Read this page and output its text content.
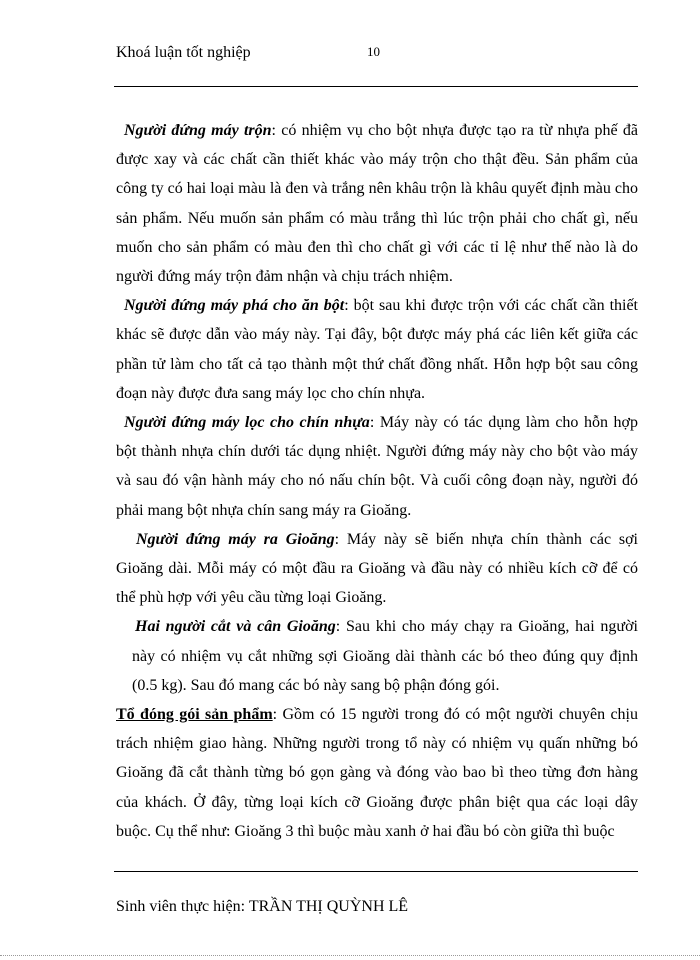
Khoá luận tốt nghiệp	10

Người đứng máy trộn: có nhiệm vụ cho bột nhựa được tạo ra từ nhựa phế đã được xay và các chất cần thiết khác vào máy trộn cho thật đều. Sản phẩm của công ty có hai loại màu là đen và trắng nên khâu trộn là khâu quyết định màu cho sản phẩm. Nếu muốn sản phẩm có màu trắng thì lúc trộn phải cho chất gì, nếu muốn cho sản phẩm có màu đen thì cho chất gì với các tỉ lệ như thế nào là do người đứng máy trộn đảm nhận và chịu trách nhiệm.

Người đứng máy phá cho ăn bột: bột sau khi được trộn với các chất cần thiết khác sẽ được dẫn vào máy này. Tại đây, bột được máy phá các liên kết giữa các phần tử làm cho tất cả tạo thành một thứ chất đồng nhất. Hỗn hợp bột sau công đoạn này được đưa sang máy lọc cho chín nhựa.

Người đứng máy lọc cho chín nhựa: Máy này có tác dụng làm cho hỗn hợp bột thành nhựa chín dưới tác dụng nhiệt. Người đứng máy này cho bột vào máy và sau đó vận hành máy cho nó nấu chín bột. Và cuối công đoạn này, người đó phải mang bột nhựa chín sang máy ra Gioăng.

Người đứng máy ra Gioăng: Máy này sẽ biến nhựa chín thành các sợi Gioăng dài. Mỗi máy có một đầu ra Gioăng và đầu này có nhiều kích cỡ để có thể phù hợp với yêu cầu từng loại Gioăng.

Hai người cắt và cân Gioăng: Sau khi cho máy chạy ra Gioăng, hai người này có nhiệm vụ cắt những sợi Gioăng dài thành các bó theo đúng quy định (0.5 kg). Sau đó mang các bó này sang bộ phận đóng gói.

Tổ đóng gói sản phẩm: Gồm có 15 người trong đó có một người chuyên chịu trách nhiệm giao hàng. Những người trong tổ này có nhiệm vụ quấn những bó Gioăng đã cắt thành từng bó gọn gàng và đóng vào bao bì theo từng đơn hàng của khách. Ở đây, từng loại kích cỡ Gioăng được phân biệt qua các loại dây buộc. Cụ thể như: Gioăng 3 thì buộc màu xanh ở hai đầu bó còn giữa thì buộc

Sinh viên thực hiện: TRẦN THỊ QUỲNH LÊ
